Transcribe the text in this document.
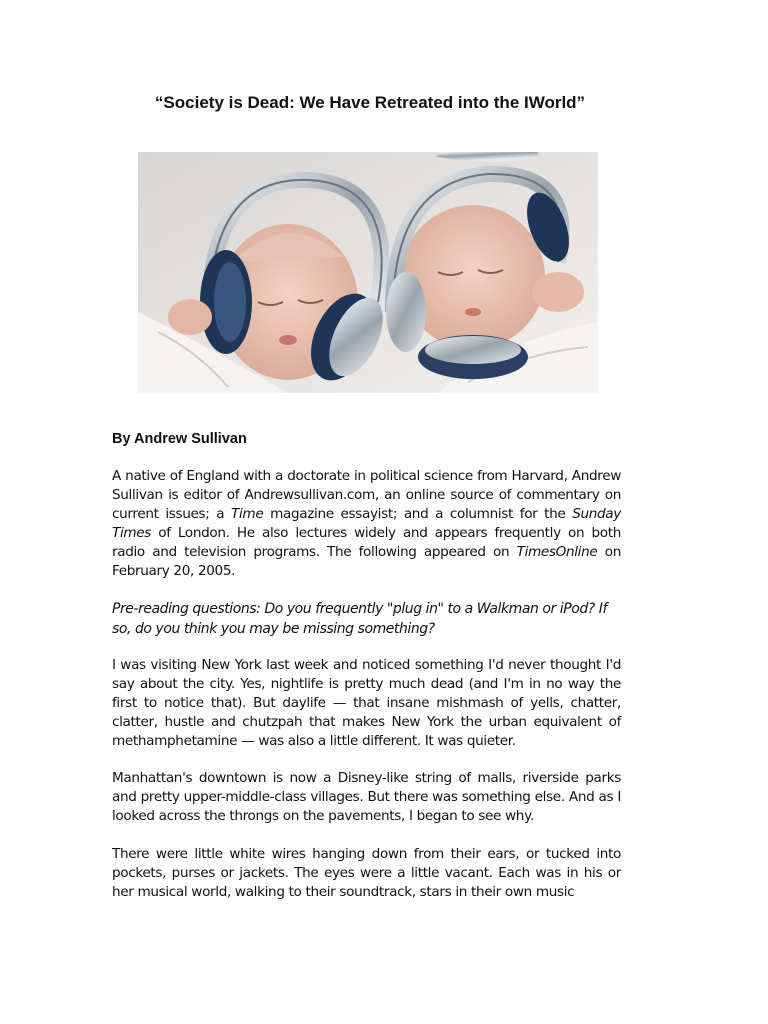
“Society is Dead: We Have Retreated into the IWorld”
By Andrew Sullivan
A native of England with a doctorate in political science from Harvard, Andrew Sullivan is editor of Andrewsullivan.com, an online source of commentary on current issues; a Time magazine essayist; and a columnist for the Sunday Times of London. He also lectures widely and appears frequently on both radio and television programs. The following appeared on TimesOnline on February 20, 2005.
Pre-reading questions: Do you frequently "plug in" to a Walkman or iPod? If so, do you think you may be missing something?
I was visiting New York last week and noticed something I'd never thought I'd say about the city. Yes, nightlife is pretty much dead (and I'm in no way the first to notice that). But daylife — that insane mishmash of yells, chatter, clatter, hustle and chutzpah that makes New York the urban equivalent of methamphetamine — was also a little different. It was quieter.
Manhattan's downtown is now a Disney-like string of malls, riverside parks and pretty upper-middle-class villages. But there was something else. And as I looked across the throngs on the pavements, I began to see why.
There were little white wires hanging down from their ears, or tucked into pockets, purses or jackets. The eyes were a little vacant. Each was in his or her musical world, walking to their soundtrack, stars in their own music
